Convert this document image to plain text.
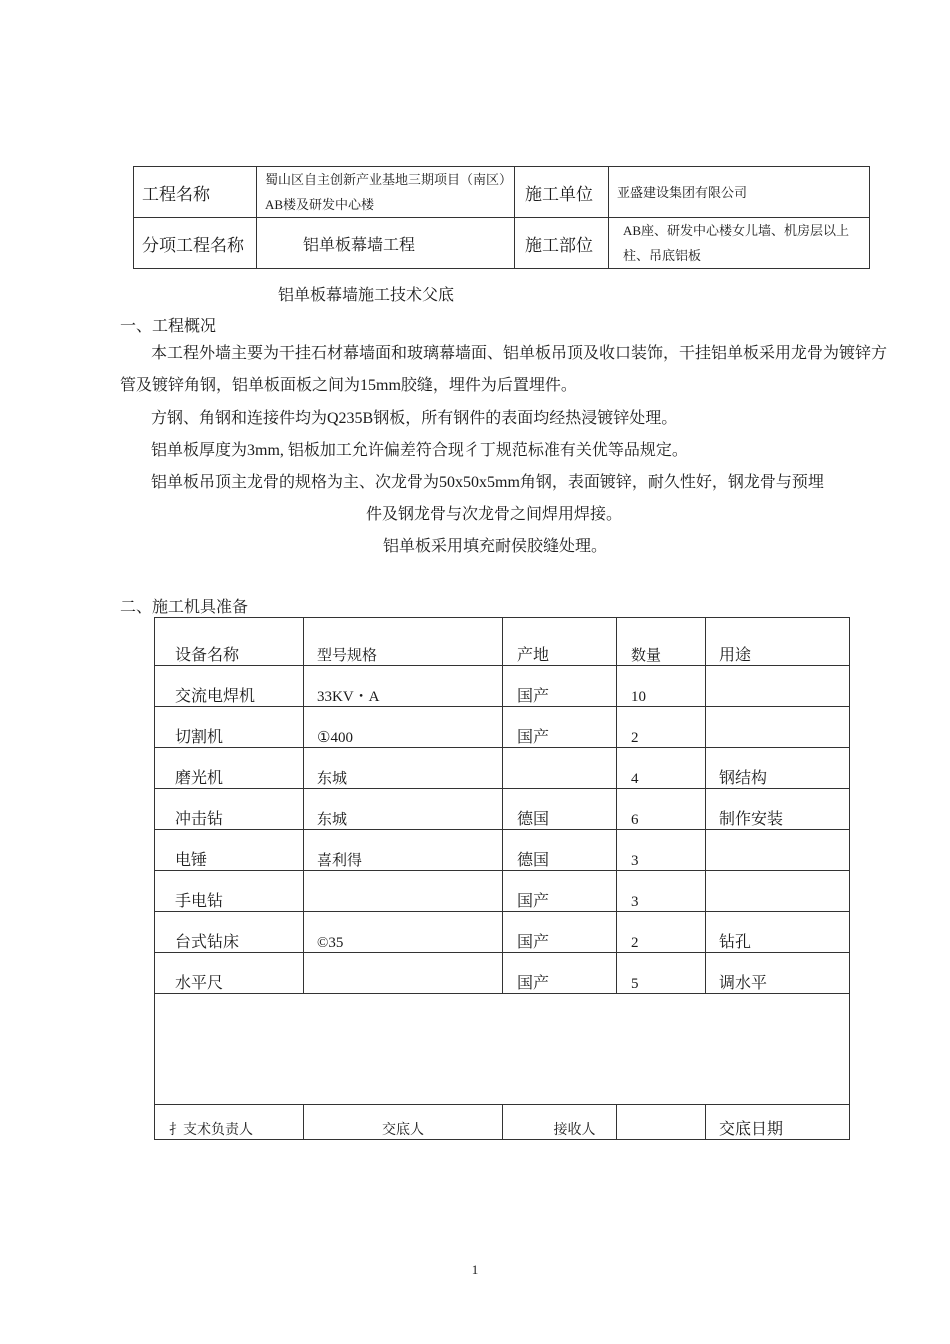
工程名称	蜀山区自主创新产业基地三期项目（南区）AB楼及研发中心楼	施工单位	亚盛建设集团有限公司
分项工程名称	铝单板幕墙工程	施工部位	AB座、研发中心楼女儿墙、机房层以上柱、吊底铝板
铝单板幕墙施工技术父底
一、工程概况
本工程外墙主要为干挂石材幕墙面和玻璃幕墙面、铝单板吊顶及收口装饰，干挂铝单板采用龙骨为镀锌方管及镀锌角钢，铝单板面板之间为15mm胶缝，埋件为后置埋件。
方钢、角钢和连接件均为Q235B钢板，所有钢件的表面均经热浸镀锌处理。
铝单板厚度为3mm, 铝板加工允许偏差符合现彳丁规范标准有关优等品规定。
铝单板吊顶主龙骨的规格为主、次龙骨为50x50x5mm角钢，表面镀锌，耐久性好，钢龙骨与预埋
件及钢龙骨与次龙骨之间焊用焊接。
铝单板采用填充耐侯胶缝处理。
二、施工机具准备
设备名称	型号规格	产地	数量	用途
交流电焊机	33KV・A	国产	10	
切割机	①400	国产	2	
磨光机	东城		4	钢结构
冲击钻	东城	德国	6	制作安装
电锤	喜利得	德国	3	
手电钻		国产	3	
台式钻床	©35	国产	2	钻孔
水平尺		国产	5	调水平

扌支术负责人	交底人	接收人		交底日期
1
